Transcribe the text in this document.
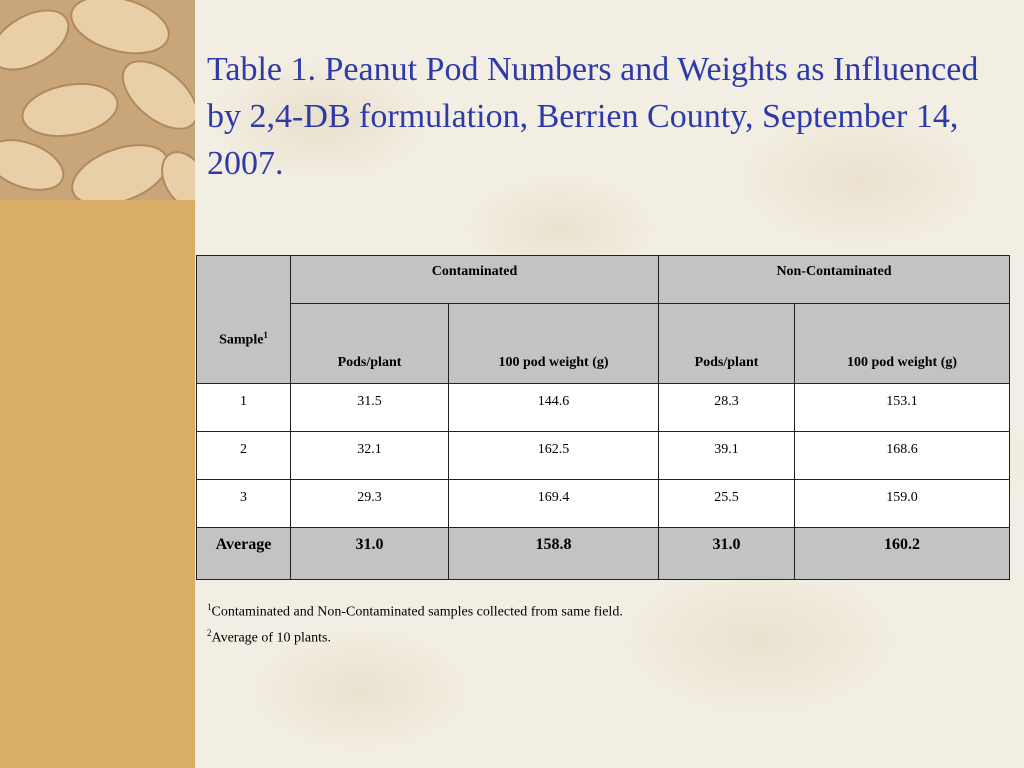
Table 1. Peanut Pod Numbers and Weights as Influenced by 2,4-DB formulation, Berrien County, September 14, 2007.
Sample$^1$	Contaminated		Non-Contaminated	
	Pods/plant	100 pod weight (g)	Pods/plant	100 pod weight (g)
1	31.5	144.6	28.3	153.1
2	32.1	162.5	39.1	168.6
3	29.3	169.4	25.5	159.0
Average	31.0	158.8	31.0	160.2
$^1$Contaminated and Non-Contaminated samples collected from same field.
$^2$Average of 10 plants.
